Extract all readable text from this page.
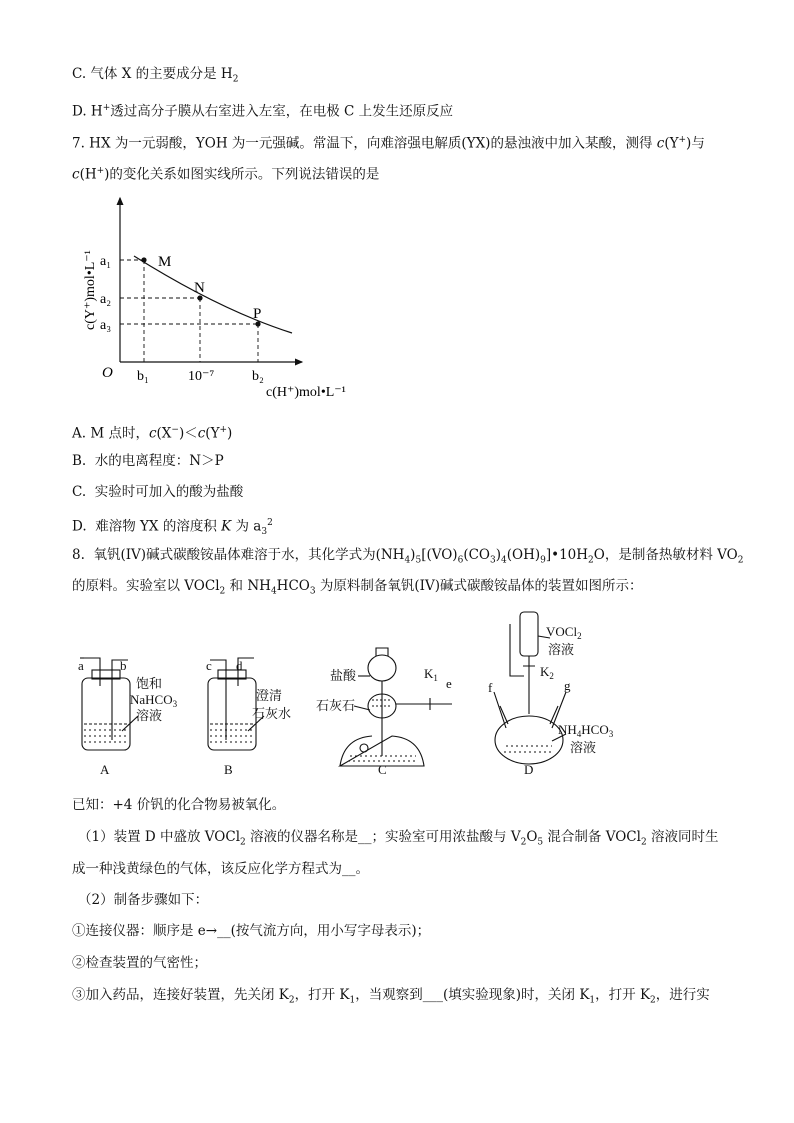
C. 气体 X 的主要成分是 $H_2$
D. H+透过高分子膜从右室进入左室，在电极 C 上发生还原反应
7. HX 为一元弱酸，YOH 为一元强碱。常温下，向难溶强电解质(YX)的悬浊液中加入某酸，测得 c(Y+)与
c(H+)的变化关系如图实线所示。下列说法错误的是
M
N
P
a₁
a₂
a₃
b₁	10⁻⁷	b₂
O
c(Y⁺)mol•L⁻¹
c(H⁺)mol•L⁻¹
A. M 点时，c(X−)＜c(Y+)
B.  水的电离程度：N＞P
C.  实验时可加入的酸为盐酸
D.  难溶物 YX 的溶度积 K 为 $a_3^2$
8.  氧钒(IV)碱式碳酸铵晶体难溶于水，其化学式为$(NH_4)_5[(VO)_6(CO_3)_4(OH)_9]•10H_2O$，是制备热敏材料 $VO_2$
的原料。实验室以 VOCl$_2$ 和 $NH_4HCO_3$ 为原料制备氧钒(IV)碱式碳酸铵晶体的装置如图所示：
a	b
A
饱和
NaHCO$_3$
溶液
c d
B
澄清
石灰水
盐酸
石灰石
$K_1$ e
C
VOCl$_2$
溶液
$K_2$
f	g
$NH_4HCO_3$
溶液
D
已知：+4 价钒的化合物易被氧化。
（1）装置 D 中盛放 VOCl$_2$ 溶液的仪器名称是__；实验室可用浓盐酸与 $V_2O_5$ 混合制备 VOCl$_2$ 溶液同时生
成一种浅黄绿色的气体，该反应化学方程式为__。
（2）制备步骤如下：
①连接仪器：顺序是 e→__(按气流方向，用小写字母表示)；
②检查装置的气密性；
③加入药品，连接好装置，先关闭 $K_2$，打开 $K_1$，当观察到___(填实验现象)时，关闭 $K_1$，打开 $K_2$，进行实
